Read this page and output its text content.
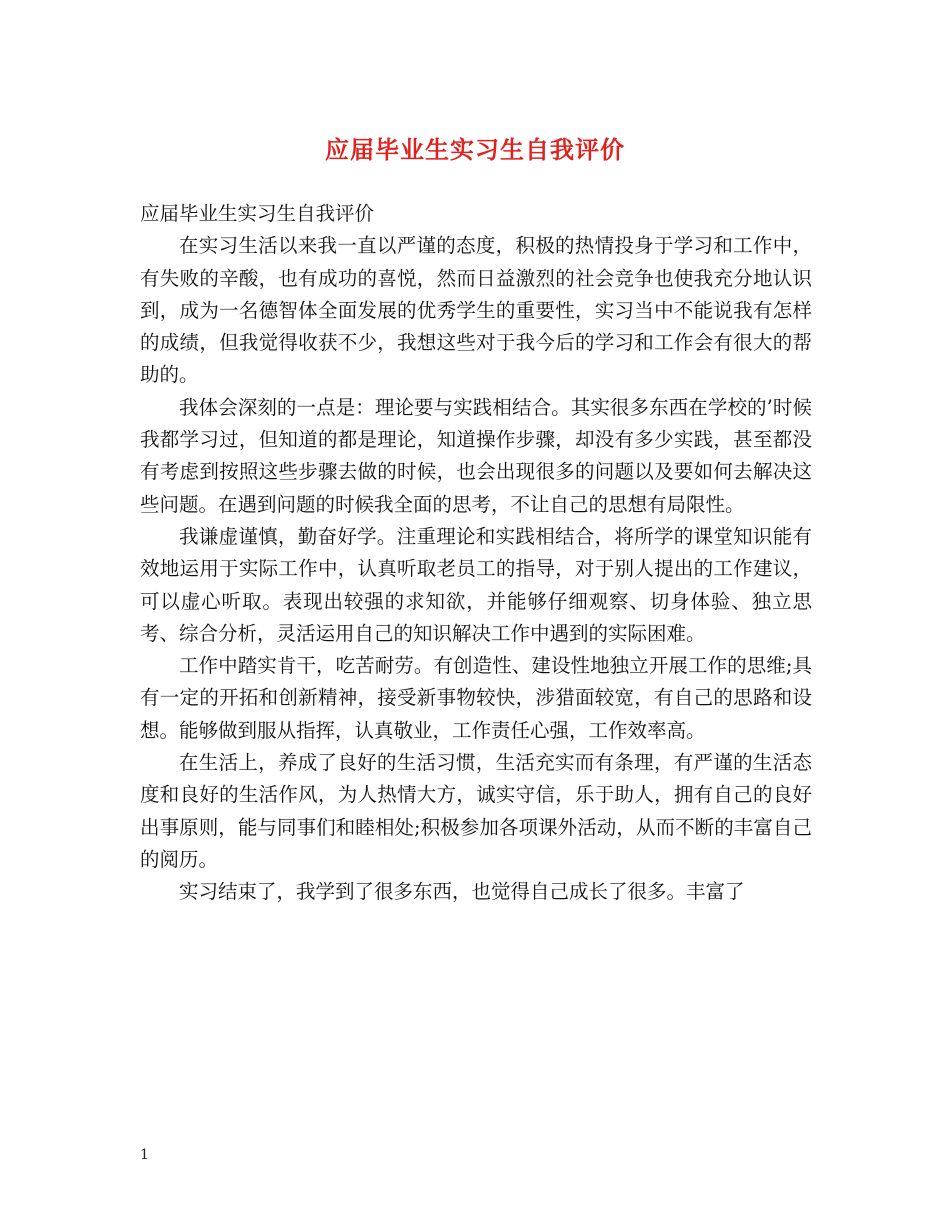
应届毕业生实习生自我评价

应届毕业生实习生自我评价

在实习生活以来我一直以严谨的态度，积极的热情投身于学习和工作中，有失败的辛酸，也有成功的喜悦，然而日益激烈的社会竞争也使我充分地认识到，成为一名德智体全面发展的优秀学生的重要性，实习当中不能说我有怎样的成绩，但我觉得收获不少，我想这些对于我今后的学习和工作会有很大的帮助的。

我体会深刻的一点是：理论要与实践相结合。其实很多东西在学校的’时候我都学习过，但知道的都是理论，知道操作步骤，却没有多少实践，甚至都没有考虑到按照这些步骤去做的时候，也会出现很多的问题以及要如何去解决这些问题。在遇到问题的时候我全面的思考，不让自己的思想有局限性。

我谦虚谨慎，勤奋好学。注重理论和实践相结合，将所学的课堂知识能有效地运用于实际工作中，认真听取老员工的指导，对于别人提出的工作建议，可以虚心听取。表现出较强的求知欲，并能够仔细观察、切身体验、独立思考、综合分析，灵活运用自己的知识解决工作中遇到的实际困难。

工作中踏实肯干，吃苦耐劳。有创造性、建设性地独立开展工作的思维;具有一定的开拓和创新精神，接受新事物较快，涉猎面较宽，有自己的思路和设想。能够做到服从指挥，认真敬业，工作责任心强，工作效率高。

在生活上，养成了良好的生活习惯，生活充实而有条理，有严谨的生活态度和良好的生活作风，为人热情大方，诚实守信，乐于助人，拥有自己的良好出事原则，能与同事们和睦相处;积极参加各项课外活动，从而不断的丰富自己的阅历。

实习结束了，我学到了很多东西，也觉得自己成长了很多。丰富了

1
